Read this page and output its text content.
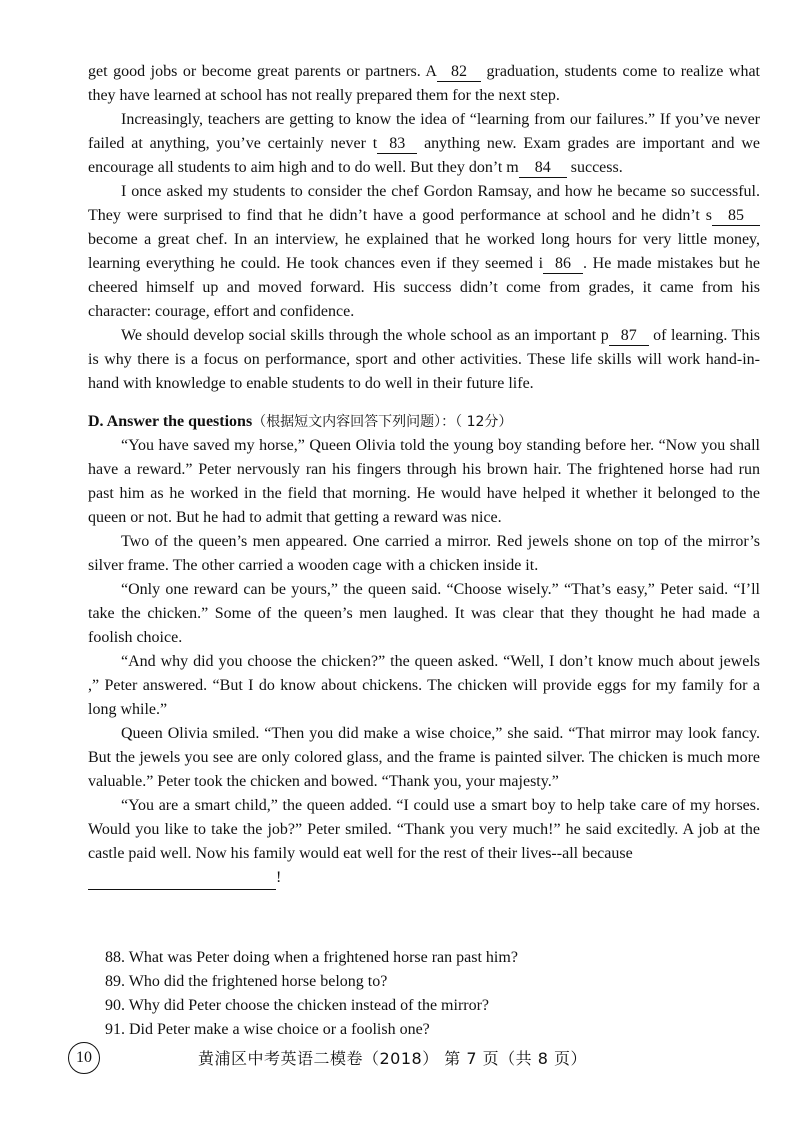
get good jobs or become great parents or partners. A 82 graduation, students come to realize what they have learned at school has not really prepared them for the next step.

Increasingly, teachers are getting to know the idea of “learning from our failures.” If you’ve never failed at anything, you’ve certainly never t 83 anything new. Exam grades are important and we encourage all students to aim high and to do well. But they don’t m 84 success.

I once asked my students to consider the chef Gordon Ramsay, and how he became so successful. They were surprised to find that he didn’t have a good performance at school and he didn’t s 85 become a great chef. In an interview, he explained that he worked long hours for very little money, learning everything he could. He took chances even if they seemed i 86 . He made mistakes but he cheered himself up and moved forward. His success didn’t come from grades, it came from his character: courage, effort and confidence.

We should develop social skills through the whole school as an important p 87 of learning. This is why there is a focus on performance, sport and other activities. These life skills will work hand-in-hand with knowledge to enable students to do well in their future life.

D. Answer the questions（根据短文内容回答下列问题）：（ 12分）

“You have saved my horse,” Queen Olivia told the young boy standing before her. “Now you shall have a reward.” Peter nervously ran his fingers through his brown hair. The frightened horse had run past him as he worked in the field that morning. He would have helped it whether it belonged to the queen or not. But he had to admit that getting a reward was nice.

Two of the queen’s men appeared. One carried a mirror. Red jewels shone on top of the mirror’s silver frame. The other carried a wooden cage with a chicken inside it.

“Only one reward can be yours,” the queen said. “Choose wisely.” “That’s easy,” Peter said. “I’ll take the chicken.” Some of the queen’s men laughed. It was clear that they thought he had made a foolish choice.

“And why did you choose the chicken?” the queen asked. “Well, I don’t know much about jewels ,” Peter answered. “But I do know about chickens. The chicken will provide eggs for my family for a long while.”

Queen Olivia smiled. “Then you did make a wise choice,” she said. “That mirror may look fancy. But the jewels you see are only colored glass, and the frame is painted silver. The chicken is much more valuable.” Peter took the chicken and bowed. “Thank you, your majesty.”

“You are a smart child,” the queen added. “I could use a smart boy to help take care of my horses. Would you like to take the job?” Peter smiled. “Thank you very much!” he said excitedly. A job at the castle paid well. Now his family would eat well for the rest of their lives--all because

!

88. What was Peter doing when a frightened horse ran past him?

89. Who did the frightened horse belong to?

90. Why did Peter choose the chicken instead of the mirror?

91. Did Peter make a wise choice or a foolish one?

10	黄浦区中考英语二模卷（2018） 第 7 页（共 8 页）
